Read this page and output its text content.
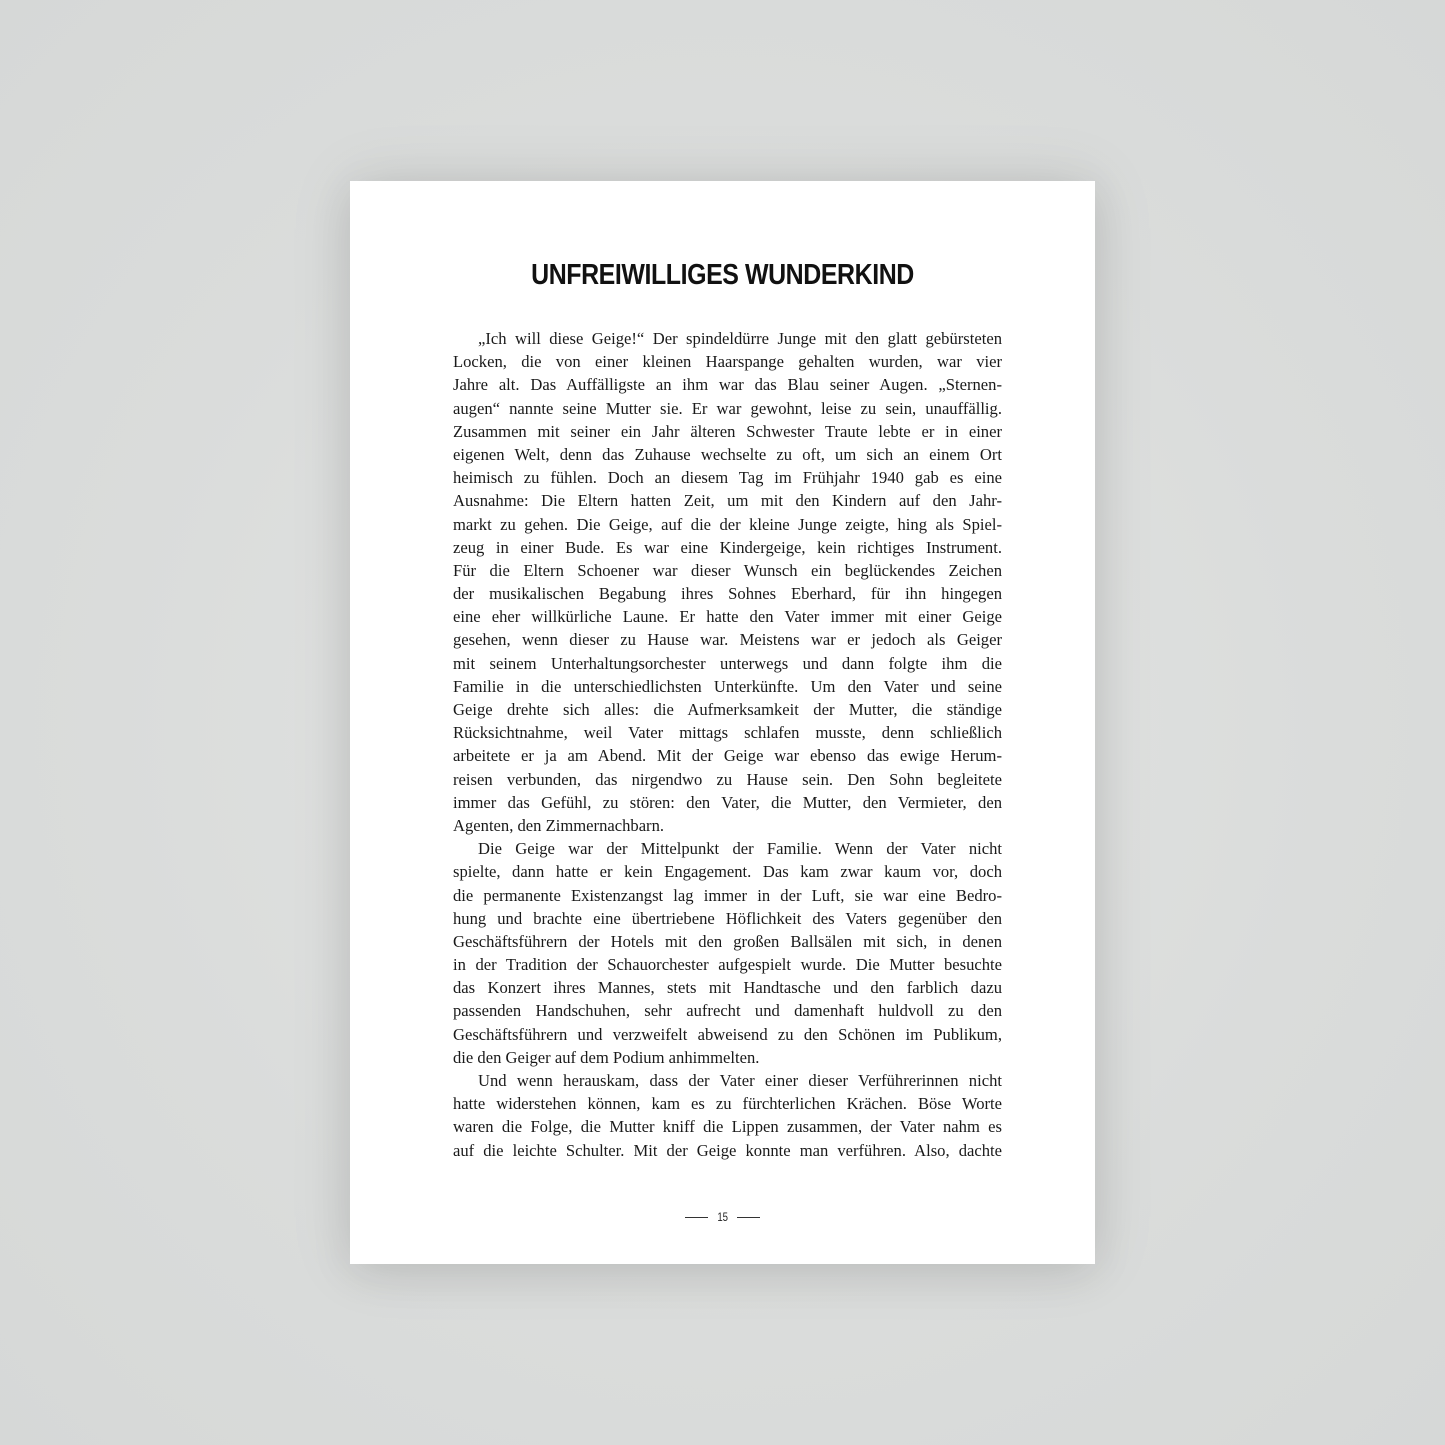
UNFREIWILLIGES WUNDERKIND
„Ich will diese Geige!“ Der spindeldürre Junge mit den glatt gebürsteten
Locken, die von einer kleinen Haarspange gehalten wurden, war vier
Jahre alt. Das Auffälligste an ihm war das Blau seiner Augen. „Sternen-
augen“ nannte seine Mutter sie. Er war gewohnt, leise zu sein, unauffällig.
Zusammen mit seiner ein Jahr älteren Schwester Traute lebte er in einer
eigenen Welt, denn das Zuhause wechselte zu oft, um sich an einem Ort
heimisch zu fühlen. Doch an diesem Tag im Frühjahr 1940 gab es eine
Ausnahme: Die Eltern hatten Zeit, um mit den Kindern auf den Jahr-
markt zu gehen. Die Geige, auf die der kleine Junge zeigte, hing als Spiel-
zeug in einer Bude. Es war eine Kindergeige, kein richtiges Instrument.
Für die Eltern Schoener war dieser Wunsch ein beglückendes Zeichen
der musikalischen Begabung ihres Sohnes Eberhard, für ihn hingegen
eine eher willkürliche Laune. Er hatte den Vater immer mit einer Geige
gesehen, wenn dieser zu Hause war. Meistens war er jedoch als Geiger
mit seinem Unterhaltungsorchester unterwegs und dann folgte ihm die
Familie in die unterschiedlichsten Unterkünfte. Um den Vater und seine
Geige drehte sich alles: die Aufmerksamkeit der Mutter, die ständige
Rücksichtnahme, weil Vater mittags schlafen musste, denn schließlich
arbeitete er ja am Abend. Mit der Geige war ebenso das ewige Herum-
reisen verbunden, das nirgendwo zu Hause sein. Den Sohn begleitete
immer das Gefühl, zu stören: den Vater, die Mutter, den Vermieter, den
Agenten, den Zimmernachbarn.
Die Geige war der Mittelpunkt der Familie. Wenn der Vater nicht
spielte, dann hatte er kein Engagement. Das kam zwar kaum vor, doch
die permanente Existenzangst lag immer in der Luft, sie war eine Bedro-
hung und brachte eine übertriebene Höflichkeit des Vaters gegenüber den
Geschäftsführern der Hotels mit den großen Ballsälen mit sich, in denen
in der Tradition der Schauorchester aufgespielt wurde. Die Mutter besuchte
das Konzert ihres Mannes, stets mit Handtasche und den farblich dazu
passenden Handschuhen, sehr aufrecht und damenhaft huldvoll zu den
Geschäftsführern und verzweifelt abweisend zu den Schönen im Publikum,
die den Geiger auf dem Podium anhimmelten.
Und wenn herauskam, dass der Vater einer dieser Verführerinnen nicht
hatte widerstehen können, kam es zu fürchterlichen Krächen. Böse Worte
waren die Folge, die Mutter kniff die Lippen zusammen, der Vater nahm es
auf die leichte Schulter. Mit der Geige konnte man verführen. Also, dachte
15
